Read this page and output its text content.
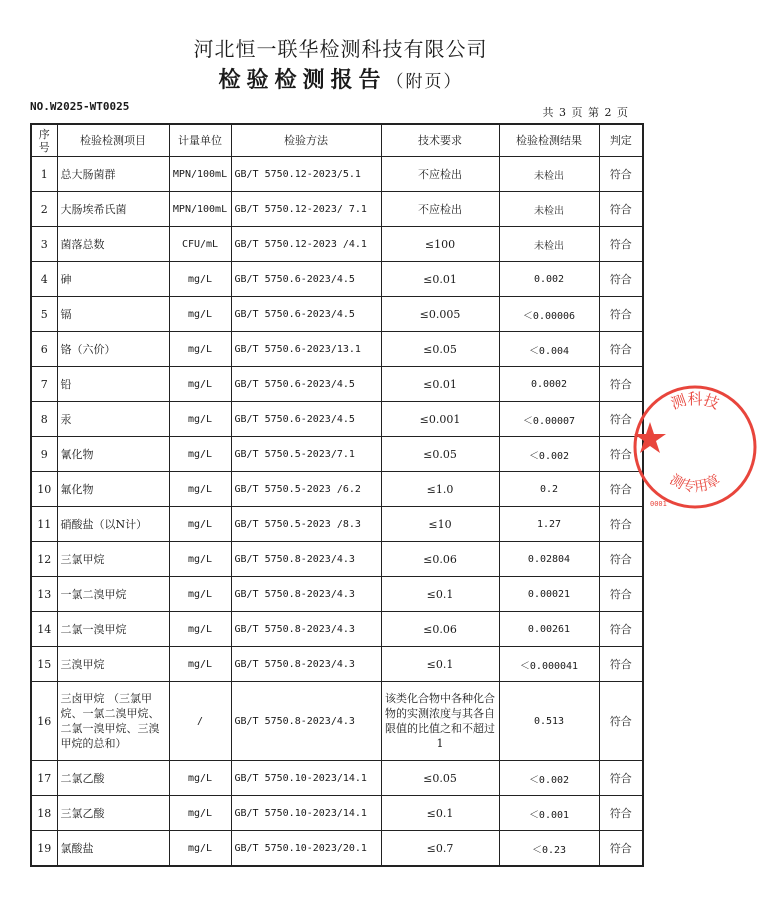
河北恒一联华检测科技有限公司
检验检测报告（附页）
NO.W2025-WT0025	共 3 页 第 2 页
序号	检验检测项目	计量单位	检验方法	技术要求	检验检测结果	判定
1	总大肠菌群	MPN/100mL	GB/T 5750.12-2023/5.1	不应检出	未检出	符合
2	大肠埃希氏菌	MPN/100mL	GB/T 5750.12-2023/ 7.1	不应检出	未检出	符合
3	菌落总数	CFU/mL	GB/T 5750.12-2023 /4.1	≤100	未检出	符合
4	砷	mg/L	GB/T 5750.6-2023/4.5	≤0.01	0.002	符合
5	镉	mg/L	GB/T 5750.6-2023/4.5	≤0.005	＜0.00006	符合
6	铬（六价）	mg/L	GB/T 5750.6-2023/13.1	≤0.05	＜0.004	符合
7	铅	mg/L	GB/T 5750.6-2023/4.5	≤0.01	0.0002	符合
8	汞	mg/L	GB/T 5750.6-2023/4.5	≤0.001	＜0.00007	符合
9	氰化物	mg/L	GB/T 5750.5-2023/7.1	≤0.05	＜0.002	符合
10	氟化物	mg/L	GB/T 5750.5-2023 /6.2	≤1.0	0.2	符合
11	硝酸盐（以N计）	mg/L	GB/T 5750.5-2023 /8.3	≤10	1.27	符合
12	三氯甲烷	mg/L	GB/T 5750.8-2023/4.3	≤0.06	0.02804	符合
13	一氯二溴甲烷	mg/L	GB/T 5750.8-2023/4.3	≤0.1	0.00021	符合
14	二氯一溴甲烷	mg/L	GB/T 5750.8-2023/4.3	≤0.06	0.00261	符合
15	三溴甲烷	mg/L	GB/T 5750.8-2023/4.3	≤0.1	＜0.000041	符合
16	三卤甲烷 （三氯甲烷、一氯二溴甲烷、二氯一溴甲烷、三溴甲烷的总和）	/	GB/T 5750.8-2023/4.3	该类化合物中各种化合物的实测浓度与其各自限值的比值之和不超过1	0.513	符合
17	二氯乙酸	mg/L	GB/T 5750.10-2023/14.1	≤0.05	＜0.002	符合
18	三氯乙酸	mg/L	GB/T 5750.10-2023/14.1	≤0.1	＜0.001	符合
19	氯酸盐	mg/L	GB/T 5750.10-2023/20.1	≤0.7	＜0.23	符合
测科技
测专用章
0001
